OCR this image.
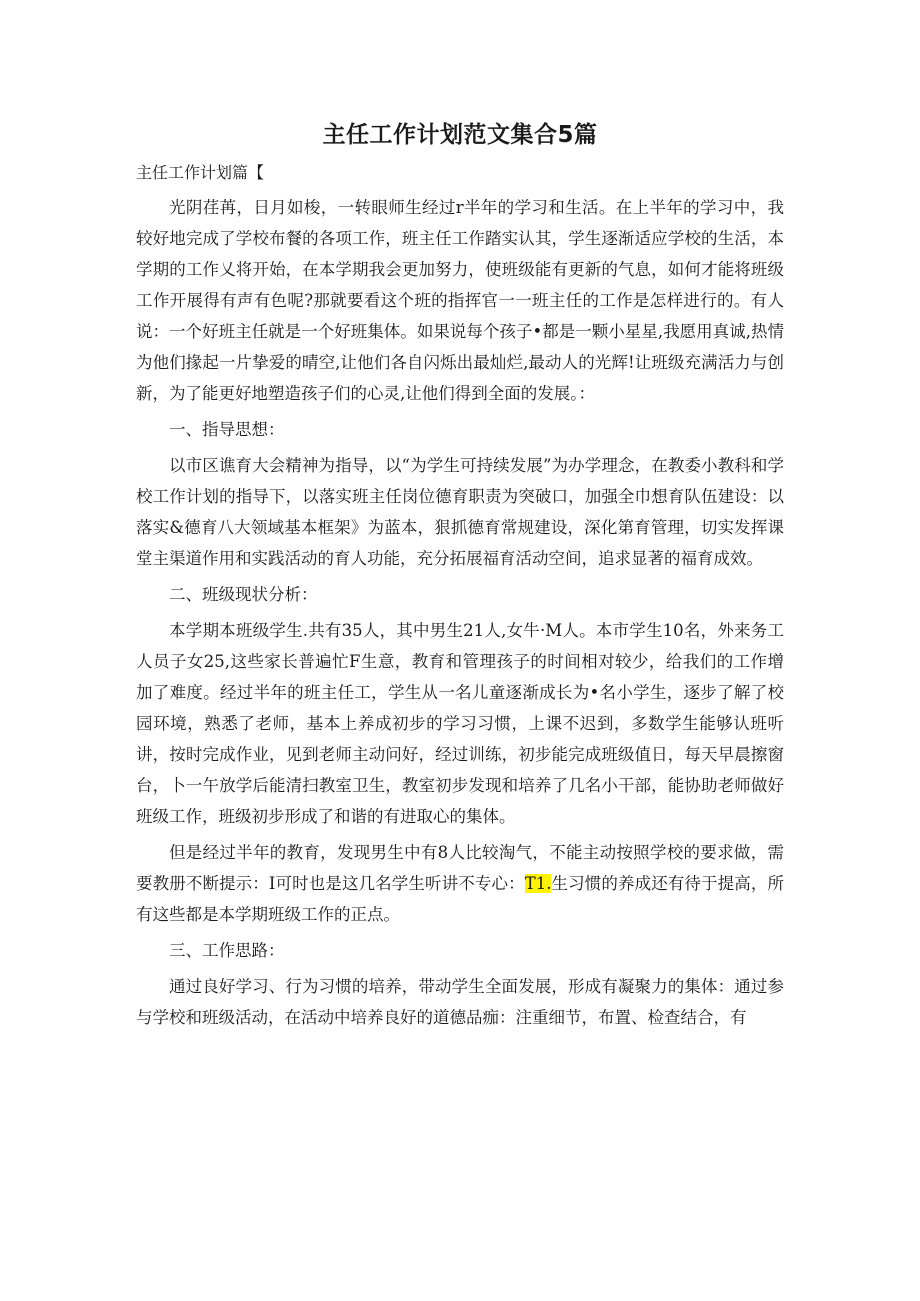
主任工作计划范文集合5篇
主任工作计划篇【

光阴荏苒，日月如梭，一转眼师生经过r半年的学习和生活。在上半年的学习中，我较好地完成了学校布餐的各项工作，班主任工作踏实认其，学生逐渐适应学校的生活，本学期的工作乂将开始，在本学期我会更加努力，使班级能有更新的气息，如何才能将班级工作开展得有声有色呢?那就要看这个班的指挥官一一班主任的工作是怎样进行的。有人说：一个好班主任就是一个好班集体。如果说每个孩子•都是一颗小星星,我愿用真诚,热情为他们掾起一片挚爱的晴空,让他们各自闪烁出最灿烂,最动人的光辉!让班级充满活力与创新，为了能更好地塑造孩子们的心灵,让他们得到全面的发展。：

一、指导思想：

以市区谯育大会精神为指导，以“为学生可持续发展”为办学理念，在教委小教科和学校工作计划的指导下，以落实班主任岗位德育职责为突破口，加强全巾想育队伍建设：以落实&德育八大领域基本框架》为蓝本，狠抓德育常规建设，深化第育管理，切实发挥课堂主渠道作用和实践活动的育人功能，充分拓展福育活动空间，追求显著的福育成效。

二、班级现状分析：

本学期本班级学生.共有35人，其中男生21人,女牛·M人。本市学生10名，外来务工人员子女25,这些家长普遍忙F生意，教育和管理孩子的时间相对较少，给我们的工作增加了难度。经过半年的班主任工，学生从一名儿童逐渐成长为•名小学生，逐步了解了校园环境，熟悉了老师，基本上养成初步的学习习惯，上课不迟到，多数学生能够认班听讲，按时完成作业，见到老师主动问好，经过训练，初步能完成班级值日，每天早晨擦窗台，卜一午放学后能清扫教室卫生，教室初步发现和培养了几名小干部，能协助老师做好班级工作，班级初步形成了和谐的有进取心的集体。

但是经过半年的教育，发现男生中有8人比较淘气，不能主动按照学校的要求做，需要教册不断提示：I可时也是这几名学生听讲不专心：T1.生习惯的养成还有待于提高，所有这些都是本学期班级工作的正点。

三、工作思路：

通过良好学习、行为习惯的培养，带动学生全面发展，形成有凝聚力的集体：通过参与学校和班级活动，在活动中培养良好的道德品痂：注重细节，布置、检查结合，有
